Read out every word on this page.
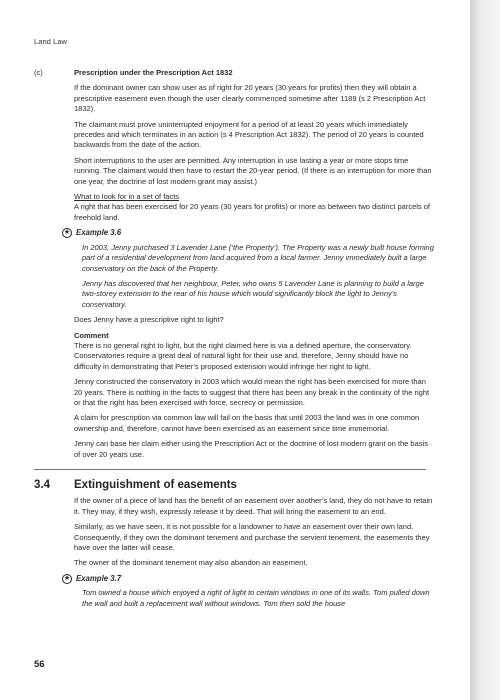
Land Law
(c)	Prescription under the Prescription Act 1832

If the dominant owner can show user as of right for 20 years (30 years for profits) then they will obtain a prescriptive easement even though the user clearly commenced sometime after 1189 (s 2 Prescription Act 1832).

The claimant must prove uninterrupted enjoyment for a period of at least 20 years which immediately precedes and which terminates in an action (s 4 Prescription Act 1832). The period of 20 years is counted backwards from the date of the action.

Short interruptions to the user are permitted. Any interruption in use lasting a year or more stops time running. The claimant would then have to restart the 20-year period. (If there is an interruption for more than one year, the doctrine of lost modern grant may assist.)

What to look for in a set of facts

A right that has been exercised for 20 years (30 years for profits) or more as between two distinct parcels of freehold land.

★ Example 3.6

In 2003, Jenny purchased 3 Lavender Lane (‘the Property’). The Property was a newly built house forming part of a residential development from land acquired from a local farmer. Jenny immediately built a large conservatory on the back of the Property.

Jenny has discovered that her neighbour, Peter, who owns 5 Lavender Lane is planning to build a large two-storey extension to the rear of his house which would significantly block the light to Jenny’s conservatory.

Does Jenny have a prescriptive right to light?

Comment

There is no general right to light, but the right claimed here is via a defined aperture, the conservatory. Conservatories require a great deal of natural light for their use and, therefore, Jenny should have no difficulty in demonstrating that Peter’s proposed extension would infringe her right to light.

Jenny constructed the conservatory in 2003 which would mean the right has been exercised for more than 20 years. There is nothing in the facts to suggest that there has been any break in the continuity of the right or that the right has been exercised with force, secrecy or permission.

A claim for prescription via common law will fail on the basis that until 2003 the land was in one common ownership and, therefore, cannot have been exercised as an easement since time immemorial.

Jenny can base her claim either using the Prescription Act or the doctrine of lost modern grant on the basis of over 20 years use.

3.4	Extinguishment of easements

If the owner of a piece of land has the benefit of an easement over another’s land, they do not have to retain it. They may, if they wish, expressly release it by deed. That will bring the easement to an end.

Similarly, as we have seen, it is not possible for a landowner to have an easement over their own land. Consequently, if they own the dominant tenement and purchase the servient tenement, the easements they have over the latter will cease.

The owner of the dominant tenement may also abandon an easement.

★ Example 3.7

Tom owned a house which enjoyed a right of light to certain windows in one of its walls. Tom pulled down the wall and built a replacement wall without windows. Tom then sold the house

56
